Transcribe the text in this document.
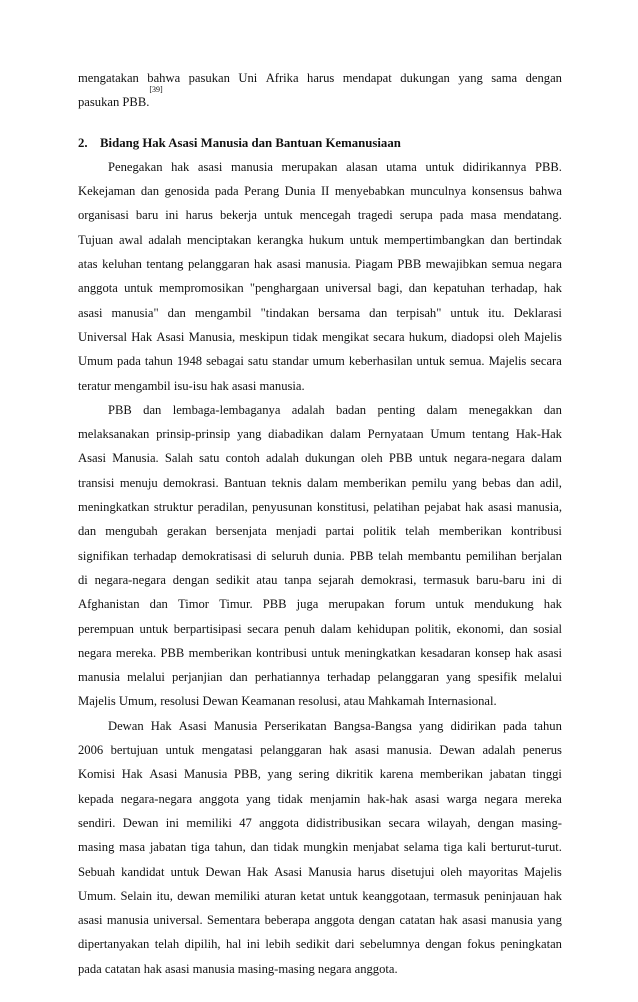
mengatakan bahwa pasukan Uni Afrika harus mendapat dukungan yang sama dengan
pasukan PBB.
[39]
2. Bidang Hak Asasi Manusia dan Bantuan Kemanusiaan
Penegakan hak asasi manusia merupakan alasan utama untuk didirikannya PBB.
Kekejaman dan genosida pada Perang Dunia II menyebabkan munculnya konsensus bahwa
organisasi baru ini harus bekerja untuk mencegah tragedi serupa pada masa mendatang.
Tujuan awal adalah menciptakan kerangka hukum untuk mempertimbangkan dan bertindak
atas keluhan tentang pelanggaran hak asasi manusia. Piagam PBB mewajibkan semua negara
anggota untuk mempromosikan "penghargaan universal bagi, dan kepatuhan terhadap, hak
asasi manusia" dan mengambil "tindakan bersama dan terpisah" untuk itu. Deklarasi
Universal Hak Asasi Manusia, meskipun tidak mengikat secara hukum, diadopsi oleh Majelis
Umum pada tahun 1948 sebagai satu standar umum keberhasilan untuk semua. Majelis secara
teratur mengambil isu-isu hak asasi manusia.
PBB dan lembaga-lembaganya adalah badan penting dalam menegakkan dan
melaksanakan prinsip-prinsip yang diabadikan dalam Pernyataan Umum tentang Hak-Hak
Asasi Manusia. Salah satu contoh adalah dukungan oleh PBB untuk negara-negara dalam
transisi menuju demokrasi. Bantuan teknis dalam memberikan pemilu yang bebas dan adil,
meningkatkan struktur peradilan, penyusunan konstitusi, pelatihan pejabat hak asasi manusia,
dan mengubah gerakan bersenjata menjadi partai politik telah memberikan kontribusi
signifikan terhadap demokratisasi di seluruh dunia. PBB telah membantu pemilihan berjalan
di negara-negara dengan sedikit atau tanpa sejarah demokrasi, termasuk baru-baru ini di
Afghanistan dan Timor Timur. PBB juga merupakan forum untuk mendukung hak
perempuan untuk berpartisipasi secara penuh dalam kehidupan politik, ekonomi, dan sosial
negara mereka. PBB memberikan kontribusi untuk meningkatkan kesadaran konsep hak asasi
manusia melalui perjanjian dan perhatiannya terhadap pelanggaran yang spesifik melalui
Majelis Umum, resolusi Dewan Keamanan resolusi, atau Mahkamah Internasional.
Dewan Hak Asasi Manusia Perserikatan Bangsa-Bangsa yang didirikan pada tahun
2006 bertujuan untuk mengatasi pelanggaran hak asasi manusia. Dewan adalah penerus
Komisi Hak Asasi Manusia PBB, yang sering dikritik karena memberikan jabatan tinggi
kepada negara-negara anggota yang tidak menjamin hak-hak asasi warga negara mereka
sendiri. Dewan ini memiliki 47 anggota didistribusikan secara wilayah, dengan masing-
masing masa jabatan tiga tahun, dan tidak mungkin menjabat selama tiga kali berturut-turut.
Sebuah kandidat untuk Dewan Hak Asasi Manusia harus disetujui oleh mayoritas Majelis
Umum. Selain itu, dewan memiliki aturan ketat untuk keanggotaan, termasuk peninjauan hak
asasi manusia universal. Sementara beberapa anggota dengan catatan hak asasi manusia yang
dipertanyakan telah dipilih, hal ini lebih sedikit dari sebelumnya dengan fokus peningkatan
pada catatan hak asasi manusia masing-masing negara anggota.
